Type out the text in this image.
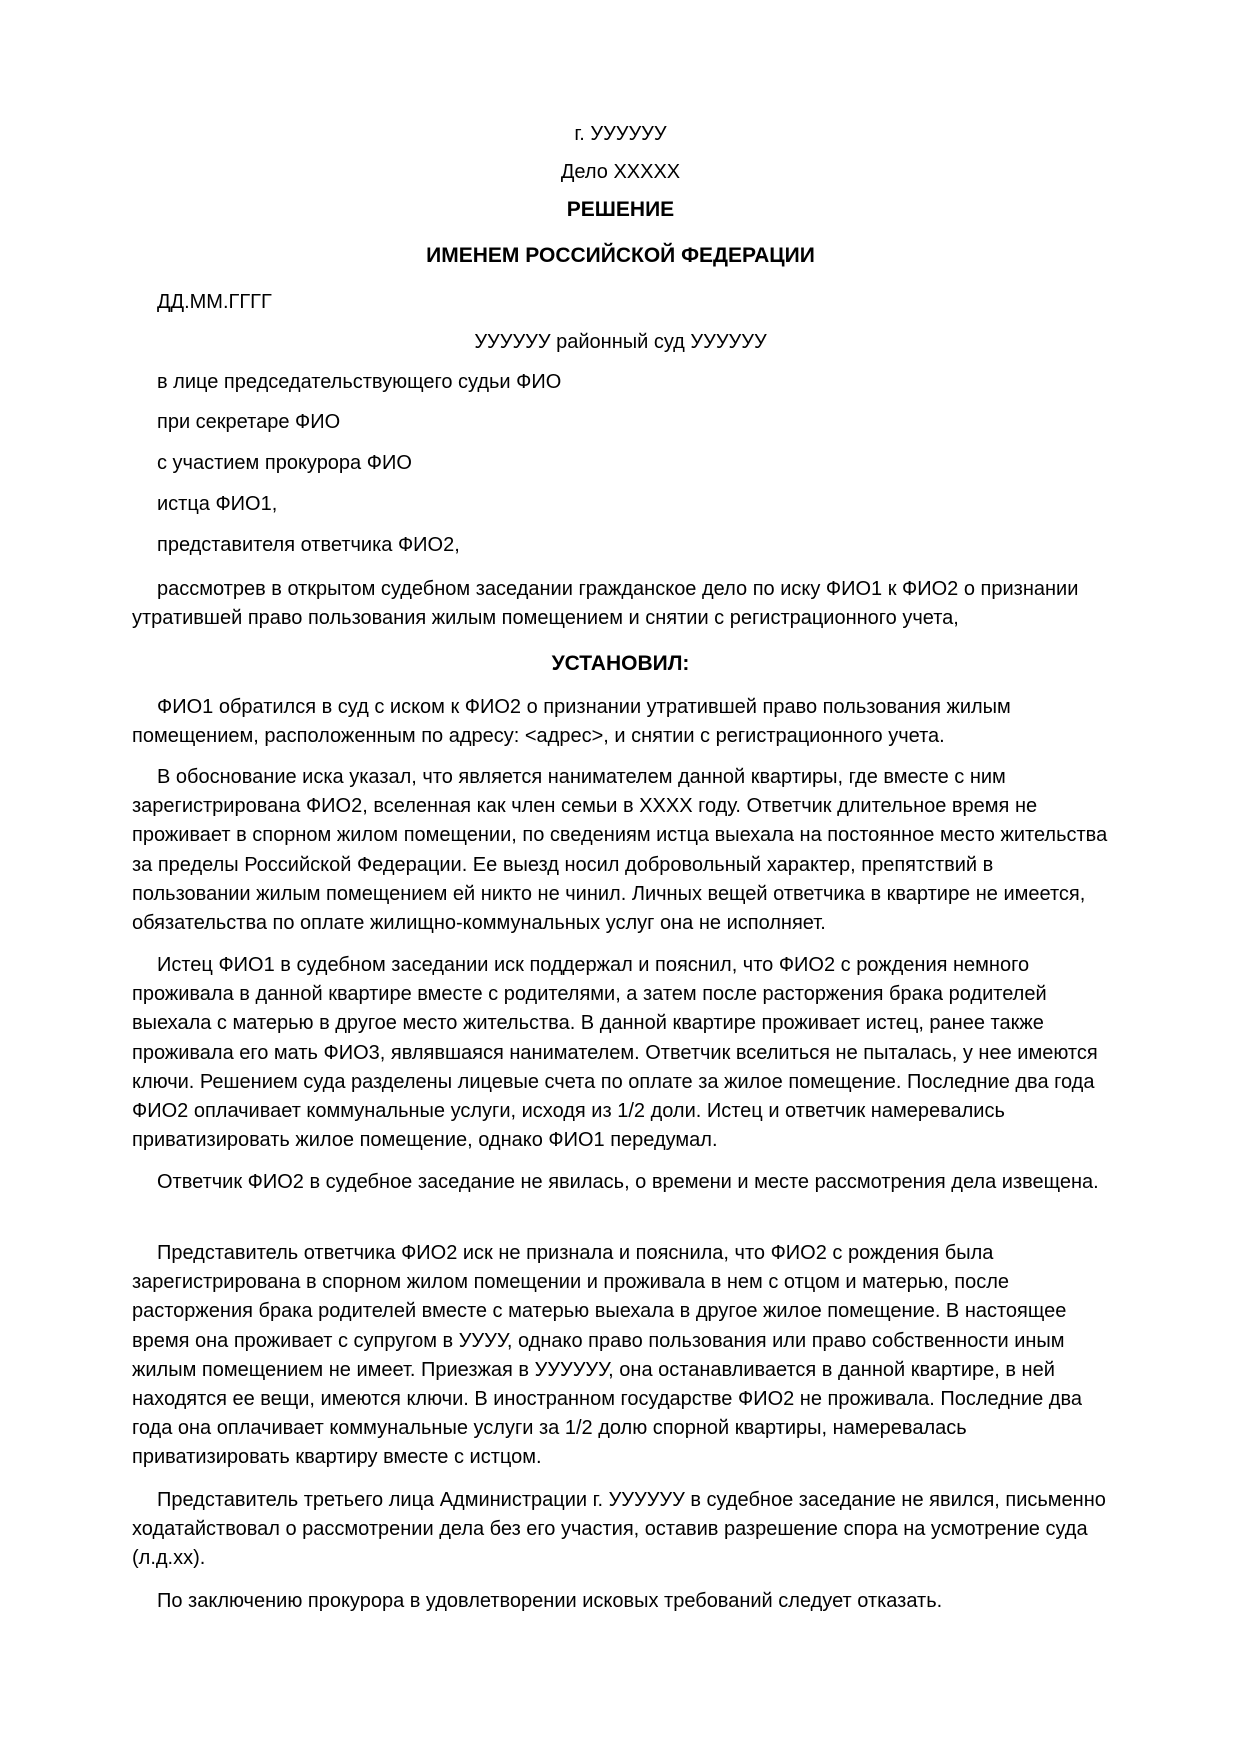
г. УУУУУУ
Дело ХХХХХ
РЕШЕНИЕ
ИМЕНЕМ РОССИЙСКОЙ ФЕДЕРАЦИИ
ДД.ММ.ГГГГ
УУУУУУ районный суд УУУУУУ
в лице председательствующего судьи ФИО
при секретаре ФИО
с участием прокурора ФИО
истца ФИО1,
представителя ответчика ФИО2,

рассмотрев в открытом судебном заседании гражданское дело по иску ФИО1 к ФИО2 о признании утратившей право пользования жилым помещением и снятии с регистрационного учета,

УСТАНОВИЛ:

ФИО1 обратился в суд с иском к ФИО2 о признании утратившей право пользования жилым помещением, расположенным по адресу: <адрес>, и снятии с регистрационного учета.

В обоснование иска указал, что является нанимателем данной квартиры, где вместе с ним зарегистрирована ФИО2, вселенная как член семьи в ХХХХ году. Ответчик длительное время не проживает в спорном жилом помещении, по сведениям истца выехала на постоянное место жительства за пределы Российской Федерации. Ее выезд носил добровольный характер, препятствий в пользовании жилым помещением ей никто не чинил. Личных вещей ответчика в квартире не имеется, обязательства по оплате жилищно-коммунальных услуг она не исполняет.

Истец ФИО1 в судебном заседании иск поддержал и пояснил, что ФИО2 с рождения немного проживала в данной квартире вместе с родителями, а затем после расторжения брака родителей выехала с матерью в другое место жительства. В данной квартире проживает истец, ранее также проживала его мать ФИО3, являвшаяся нанимателем. Ответчик вселиться не пыталась, у нее имеются ключи. Решением суда разделены лицевые счета по оплате за жилое помещение. Последние два года ФИО2 оплачивает коммунальные услуги, исходя из 1/2 доли. Истец и ответчик намеревались приватизировать жилое помещение, однако ФИО1 передумал.

Ответчик ФИО2 в судебное заседание не явилась, о времени и месте рассмотрения дела извещена.

Представитель ответчика ФИО2 иск не признала и пояснила, что ФИО2 с рождения была зарегистрирована в спорном жилом помещении и проживала в нем с отцом и матерью, после расторжения брака родителей вместе с матерью выехала в другое жилое помещение. В настоящее время она проживает с супругом в УУУУ, однако право пользования или право собственности иным жилым помещением не имеет. Приезжая в УУУУУУ, она останавливается в данной квартире, в ней находятся ее вещи, имеются ключи. В иностранном государстве ФИО2 не проживала. Последние два года она оплачивает коммунальные услуги за 1/2 долю спорной квартиры, намеревалась приватизировать квартиру вместе с истцом.

Представитель третьего лица Администрации г. УУУУУУ в судебное заседание не явился, письменно ходатайствовал о рассмотрении дела без его участия, оставив разрешение спора на усмотрение суда (л.д.хх).

По заключению прокурора в удовлетворении исковых требований следует отказать.
